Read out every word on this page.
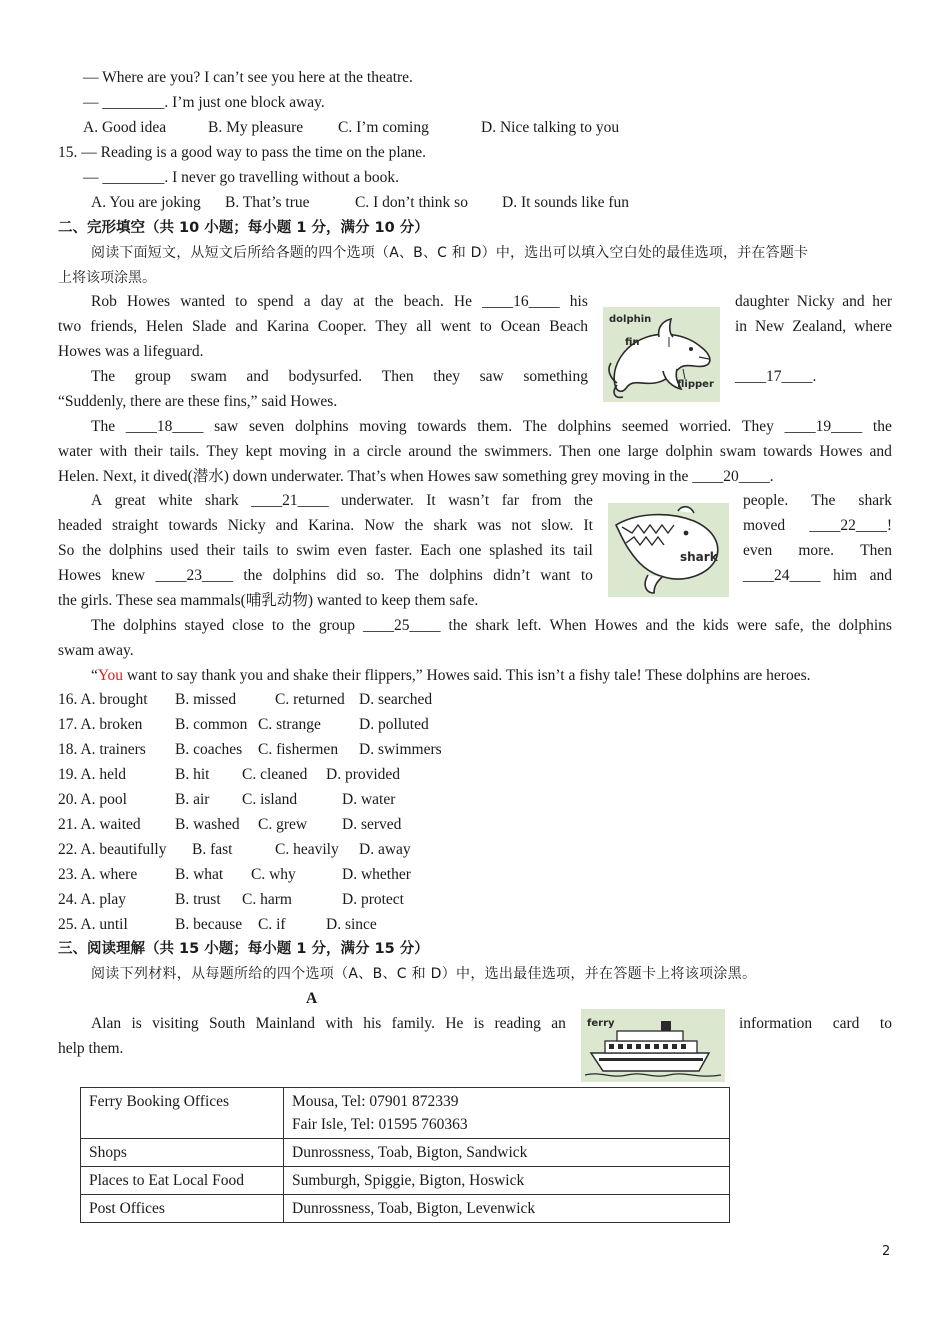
— Where are you? I can’t see you here at the theatre.
— ________. I’m just one block away.
A. Good idea	B. My pleasure C. I’m coming	D. Nice talking to you
15. — Reading is a good way to pass the time on the plane.
— ________. I never go travelling without a book.
A. You are joking B. That’s true	C. I don’t think so D. It sounds like fun
二、完形填空（共 10 小题；每小题 1 分，满分 10 分）
阅读下面短文，从短文后所给各题的四个选项（A、B、C 和 D）中，选出可以填入空白处的最佳选项，并在答题卡
上将该项涂黑。
Rob Howes wanted to spend a day at the beach. He ____16____ his	daughter Nicky and her
two friends, Helen Slade and Karina Cooper. They all went to Ocean Beach	in New Zealand, where
Howes was a lifeguard.
The group swam and bodysurfed. Then they saw something	____17____.
“Suddenly, there are these fins,” said Howes.
dolphin
fin
flipper
The ____18____ saw seven dolphins moving towards them. The dolphins seemed worried. They ____19____ the
water with their tails. They kept moving in a circle around the swimmers. Then one large dolphin swam towards Howes and
Helen. Next, it dived(潜水) down underwater. That’s when Howes saw something grey moving in the ____20____.
A great white shark ____21____ underwater. It wasn’t far from the	people. The shark
headed straight towards Nicky and Karina. Now the shark was not slow. It	moved ____22____!
So the dolphins used their tails to swim even faster. Each one splashed its tail	even more. Then
Howes knew ____23____ the dolphins did so. The dolphins didn’t want to	____24____ him and
the girls. These sea mammals(哺乳动物) wanted to keep them safe.
shark
The dolphins stayed close to the group ____25____ the shark left. When Howes and the kids were safe, the dolphins
swam away.
“You want to say thank you and shake their flippers,” Howes said. This isn’t a fishy tale! These dolphins are heroes.
16. A. brought B. missed	C. returned D. searched
17. A. broken B. common C. strange D. polluted
18. A. trainers B. coaches C. fishermen D. swimmers
19. A. held	B. hit C. cleaned D. provided
20. A. pool	B. air C. island	D. water
21. A. waited B. washed C. grew D. served
22. A. beautifully B. fast	C. heavily D. away
23. A. where B. what C. why	D. whether
24. A. play	B. trust C. harm	D. protect
25. A. until	B. because C. if	D. since
三、阅读理解（共 15 小题；每小题 1 分，满分 15 分）
阅读下列材料，从每题所给的四个选项（A、B、C 和 D）中，选出最佳选项，并在答题卡上将该项涂黑。
A
Alan is visiting South Mainland with his family. He is reading an	information card to
help them.
ferry
Ferry Booking Offices	Mousa, Tel: 07901 872339
Fair Isle, Tel: 01595 760363

Shops	Dunrossness, Toab, Bigton, Sandwick
Places to Eat Local Food	Sumburgh, Spiggie, Bigton, Hoswick
Post Offices	Dunrossness, Toab, Bigton, Levenwick
2
